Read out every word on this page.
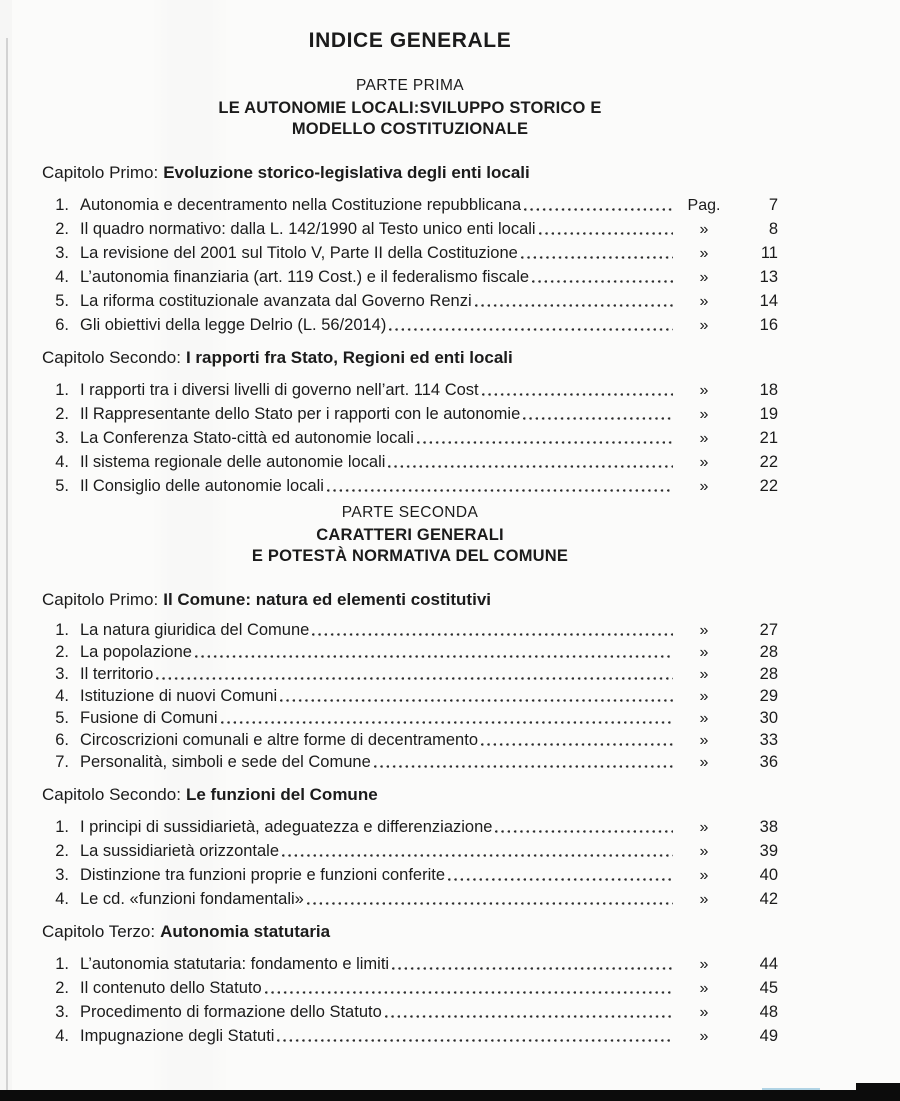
INDICE GENERALE
PARTE PRIMA
LE AUTONOMIE LOCALI:SVILUPPO STORICO E
MODELLO COSTITUZIONALE
Capitolo Primo: Evoluzione storico-legislativa degli enti locali
1. Autonomia e decentramento nella Costituzione repubblicana	Pag.	7
2. Il quadro normativo: dalla L. 142/1990 al Testo unico enti locali	»	8
3. La revisione del 2001 sul Titolo V, Parte II della Costituzione	»	11
4. L’autonomia finanziaria (art. 119 Cost.) e il federalismo fiscale	»	13
5. La riforma costituzionale avanzata dal Governo Renzi	»	14
6. Gli obiettivi della legge Delrio (L. 56/2014)	»	16
Capitolo Secondo: I rapporti fra Stato, Regioni ed enti locali
1. I rapporti tra i diversi livelli di governo nell’art. 114 Cost	»	18
2. Il Rappresentante dello Stato per i rapporti con le autonomie	»	19
3. La Conferenza Stato-città ed autonomie locali	»	21
4. Il sistema regionale delle autonomie locali	»	22
5. Il Consiglio delle autonomie locali	»	22
PARTE SECONDA
CARATTERI GENERALI
E POTESTÀ NORMATIVA DEL COMUNE
Capitolo Primo: Il Comune: natura ed elementi costitutivi
1. La natura giuridica del Comune	»	27
2. La popolazione	»	28
3. Il territorio	»	28
4. Istituzione di nuovi Comuni	»	29
5. Fusione di Comuni	»	30
6. Circoscrizioni comunali e altre forme di decentramento	»	33
7. Personalità, simboli e sede del Comune	»	36
Capitolo Secondo: Le funzioni del Comune
1. I principi di sussidiarietà, adeguatezza e differenziazione	»	38
2. La sussidiarietà orizzontale	»	39
3. Distinzione tra funzioni proprie e funzioni conferite	»	40
4. Le cd. «funzioni fondamentali»	»	42
Capitolo Terzo: Autonomia statutaria
1. L’autonomia statutaria: fondamento e limiti	»	44
2. Il contenuto dello Statuto	»	45
3. Procedimento di formazione dello Statuto	»	48
4. Impugnazione degli Statuti	»	49
